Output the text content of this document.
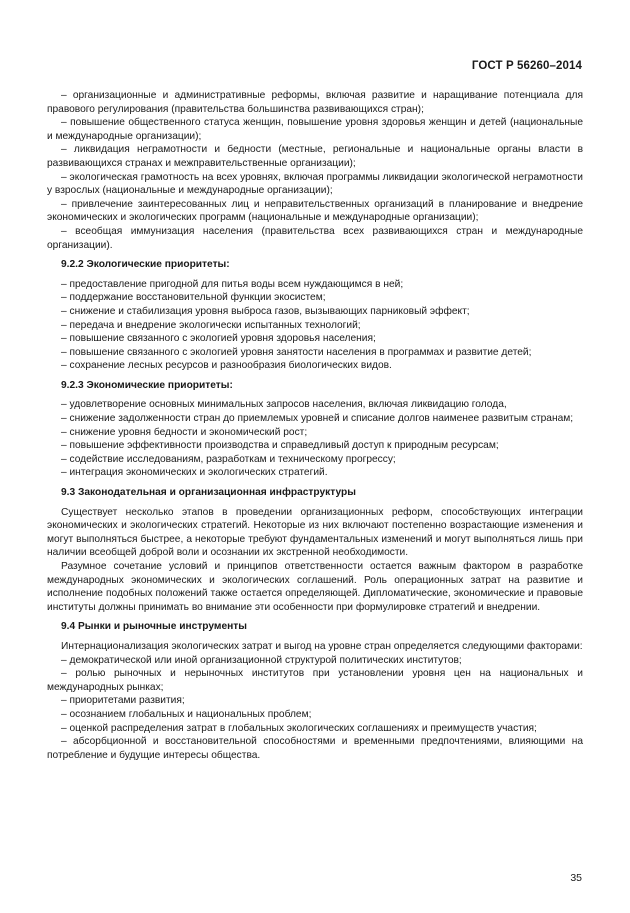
ГОСТ Р 56260–2014

– организационные и административные реформы, включая развитие и наращивание потенциала для правового регулирования (правительства большинства развивающихся стран);

– повышение общественного статуса женщин, повышение уровня здоровья женщин и детей (национальные и международные организации);

– ликвидация неграмотности и бедности (местные, региональные и национальные органы власти в развивающихся странах и межправительственные организации);

– экологическая грамотность на всех уровнях, включая программы ликвидации экологической неграмотности у взрослых (национальные и международные организации);

– привлечение заинтересованных лиц и неправительственных организаций в планирование и внедрение экономических и экологических программ (национальные и международные организации);

– всеобщая иммунизация населения (правительства всех развивающихся стран и международные организации).

9.2.2 Экологические приоритеты:

– предоставление пригодной для питья воды всем нуждающимся в ней;

– поддержание восстановительной функции экосистем;

– снижение и стабилизация уровня выброса газов, вызывающих парниковый эффект;

– передача и внедрение экологически испытанных технологий;

– повышение связанного с экологией уровня здоровья населения;

– повышение связанного с экологией уровня занятости населения в программах и развитие детей;

– сохранение лесных ресурсов и разнообразия биологических видов.

9.2.3 Экономические приоритеты:

– удовлетворение основных минимальных запросов населения, включая ликвидацию голода,

– снижение задолженности стран до приемлемых уровней и списание долгов наименее развитым странам;

– снижение уровня бедности и экономический рост;

– повышение эффективности производства и справедливый доступ к природным ресурсам;

– содействие исследованиям, разработкам и техническому прогрессу;

– интеграция экономических и экологических стратегий.

9.3 Законодательная и организационная инфраструктуры

Существует несколько этапов в проведении организационных реформ, способствующих интеграции экономических и экологических стратегий. Некоторые из них включают постепенно возрастающие изменения и могут выполняться быстрее, а некоторые требуют фундаментальных изменений и могут выполняться лишь при наличии всеобщей доброй воли и осознании их экстренной необходимости.

Разумное сочетание условий и принципов ответственности остается важным фактором в разработке международных экономических и экологических соглашений. Роль операционных затрат на развитие и исполнение подобных положений также остается определяющей. Дипломатические, экономические и правовые институты должны принимать во внимание эти особенности при формулировке стратегий и внедрении.

9.4 Рынки и рыночные инструменты

Интернационализация экологических затрат и выгод на уровне стран определяется следующими факторами:

– демократической или иной организационной структурой политических институтов;

– ролью рыночных и нерыночных институтов при установлении уровня цен на национальных и международных рынках;

– приоритетами развития;

– осознанием глобальных и национальных проблем;

– оценкой распределения затрат в глобальных экологических соглашениях и преимуществ участия;

– абсорбционной и восстановительной способностями и временными предпочтениями, влияющими на потребление и будущие интересы общества.

35
